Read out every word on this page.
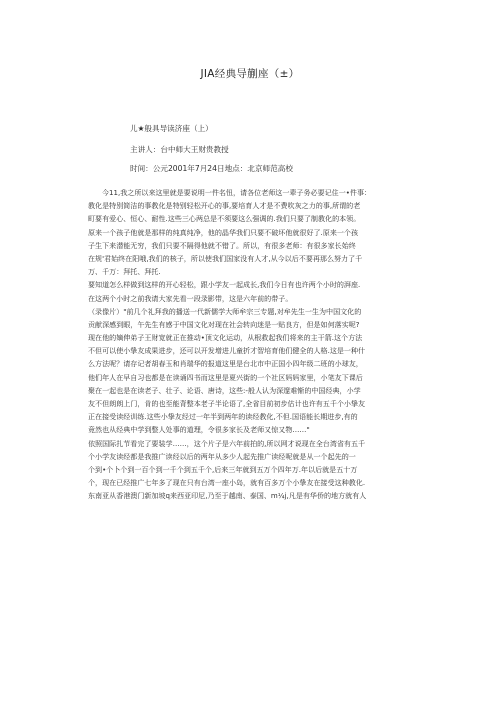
JIA经典导蒯座（±）
儿★般具导读济座（上）
主讲人：台中师大王财贵教授
时间：公元2001年7月24日地点：北京师范高校
今11,我之所以来这里就是要说明一件名忸，请各位老师这一辈子务必要记住一•件事：
教化是特别简洁的事教化是特别轻松开心的事,要培育人才是不费吹灰之力的事,所谓的老
町要有爱心、恒心、耐性.这些三心两总是不须要这么强调的.我们只要了制教化的本领。
原来一个孩子他就是那样的纯真纯净，他的晶华我们只要不破坏他就很好了.原来一个孩
子生下来潜能无穷，我们只要不隔得他就不错了。所以，有很多老师：有很多家长始终
在规'君始终在阳哦,我们的核子，所以使我们国家没有人才,从今以后不要再那么努力了千
万、千万：拜托、拜托.
要知道怎么样做到这样的开心轻松，跟小学友一起成长,我们今日有也许两个小时的湃座.
在这两个小时之前我请大家先看一段录影带，这是六年前的带子。
（录像片）"前几个礼拜我的播送一代新儒学大师牟宗三专题,对牟先生一生为中国文化的
贡献深感到眼，午先生有感于中国文化对现在社会转向迷是一贴良方，但是如何落实呢?
现在他的嫡伸弟子王财宽就正在推动•顶文化运动，从根救起我们将来的主干箭.这个方法
不但可以使小挚友成果进步，还可以开发增进儿童折才智培育他们健全的人格.这是一种什
么方法呢？请存记者胡春玉和肖瑞华的报道这里是台北市中正国小四年级二班的小球友，
他们年人在早自习也都是在读诵四书而这里是夏兴街的一个社区妈妈家里，小笔友下课后
聚在一起也是在读老子、壮子、论语、唐诗，这些:-般人认为深邃难惭的中国经典，小学
友不但朗朗上门，肯的也至能背整本老子半论语了,全省目前初步估计也许有五千个小挚友
正在接受读经训练.这些小挚友经过一年半到两年的读经教化,不但.国语能长期进步,有的
竟然也从经典中学到整人处事的道理，令很多家长及老师又惊又物……"
依照国际扎节看完了要装学……，这个片子是六年前拍的,所以网才说现在全台湾省有五千
个小学友读经都是我推广读经以后的两年从多少人起先推广读经呢就是从一个起先的一
个到•个卜个到一百个到一千个到五千个,后来三年就到五万个四年万.年以后就是五十万
个，现在已经推广七年多了现在只有台湾一座小岛，就有百多万个小挚友在接受这种教化.
东南亚从香港澳门新加坡q来西亚印尼,乃至于越南、泰国、m¼j,凡是有华侨的地方就有人
